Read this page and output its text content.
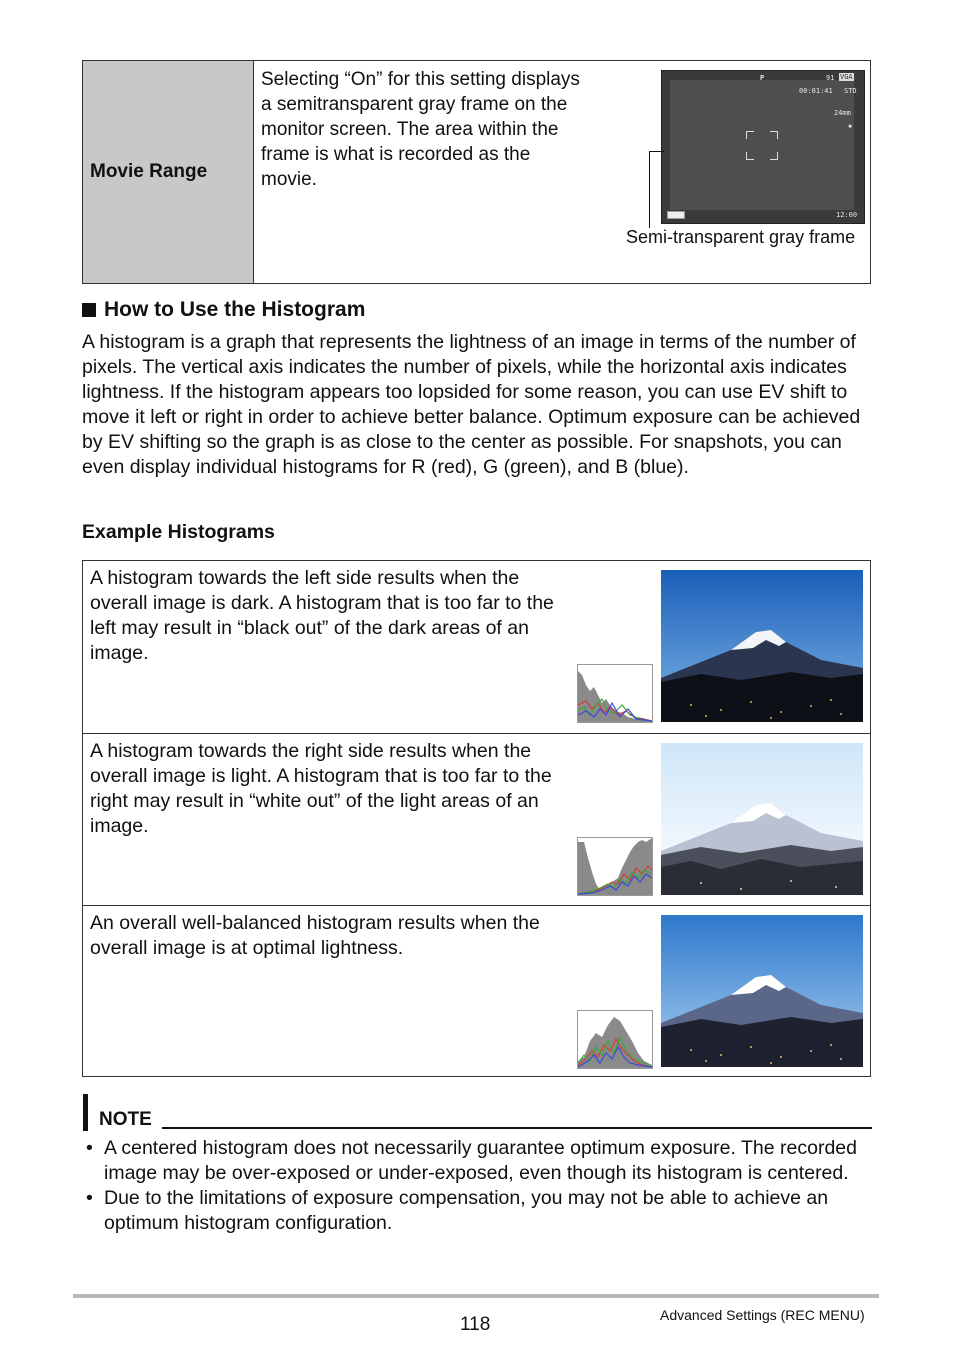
Movie Range
Selecting “On” for this setting displays a semitransparent gray frame on the monitor screen. The area within the frame is what is recorded as the movie.
P	91 VGA
00:01:41 STD
24mm
▪
12:00
Semi-transparent gray frame
How to Use the Histogram
A histogram is a graph that represents the lightness of an image in terms of the number of pixels. The vertical axis indicates the number of pixels, while the horizontal axis indicates lightness. If the histogram appears too lopsided for some reason, you can use EV shift to move it left or right in order to achieve better balance. Optimum exposure can be achieved by EV shifting so the graph is as close to the center as possible. For snapshots, you can even display individual histograms for R (red), G (green), and B (blue).
Example Histograms
A histogram towards the left side results when the overall image is dark. A histogram that is too far to the left may result in “black out” of the dark areas of an image.
A histogram towards the right side results when the overall image is light. A histogram that is too far to the right may result in “white out” of the light areas of an image.
An overall well-balanced histogram results when the overall image is at optimal lightness.
NOTE
• A centered histogram does not necessarily guarantee optimum exposure. The recorded image may be over-exposed or under-exposed, even though its histogram is centered.
• Due to the limitations of exposure compensation, you may not be able to achieve an optimum histogram configuration.
118	Advanced Settings (REC MENU)
